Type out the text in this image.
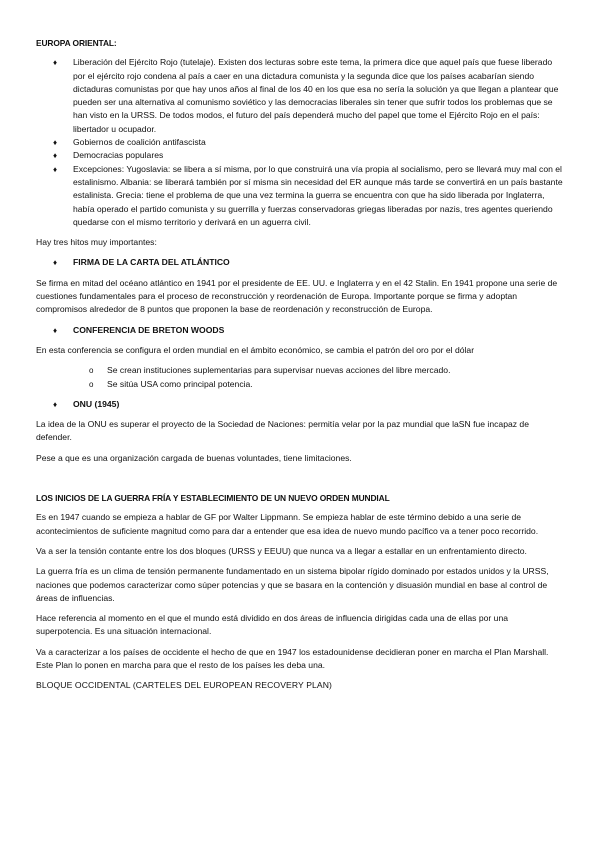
EUROPA ORIENTAL:
♦ Liberación del Ejército Rojo (tutelaje). Existen dos lecturas sobre este tema, la primera dice que aquel país que fuese liberado por el ejército rojo condena al país a caer en una dictadura comunista y la segunda dice que los países acabarían siendo dictaduras comunistas por que hay unos años al final de los 40 en los que esa no sería la solución ya que llegan a plantear que pueden ser una alternativa al comunismo soviético y las democracias liberales sin tener que sufrir todos los problemas que se han visto en la URSS. De todos modos, el futuro del país dependerá mucho del papel que tome el Ejército Rojo en el país: libertador u ocupador.
♦ Gobiernos de coalición antifascista
♦ Democracias populares
♦ Excepciones: Yugoslavia: se libera a sí misma, por lo que construirá una vía propia al socialismo, pero se llevará muy mal con el estalinismo. Albania: se liberará también por sí misma sin necesidad del ER aunque más tarde se convertirá en un país bastante estalinista. Grecia: tiene el problema de que una vez termina la guerra se encuentra con que ha sido liberada por Inglaterra, había operado el partido comunista y su guerrilla y fuerzas conservadoras griegas liberadas por nazis, tres agentes queriendo quedarse con el mismo territorio y derivará en un aguerra civil.

Hay tres hitos muy importantes:

♦ FIRMA DE LA CARTA DEL ATLÁNTICO

Se firma en mitad del océano atlántico en 1941 por el presidente de EE. UU. e Inglaterra y en el 42 Stalin. En 1941 propone una serie de cuestiones fundamentales para el proceso de reconstrucción y reordenación de Europa. Importante porque se firma y adoptan compromisos alrededor de 8 puntos que proponen la base de reordenación y reconstrucción de Europa.

♦ CONFERENCIA DE BRETON WOODS

En esta conferencia se configura el orden mundial en el ámbito económico, se cambia el patrón del oro por el dólar

o Se crean instituciones suplementarias para supervisar nuevas acciones del libre mercado.
o Se sitúa USA como principal potencia.
♦ ONU (1945)

La idea de la ONU es superar el proyecto de la Sociedad de Naciones: permitía velar por la paz mundial que laSN fue incapaz de defender.

Pese a que es una organización cargada de buenas voluntades, tiene limitaciones.

LOS INICIOS DE LA GUERRA FRÍA Y ESTABLECIMIENTO DE UN NUEVO ORDEN MUNDIAL

Es en 1947 cuando se empieza a hablar de GF por Walter Lippmann. Se empieza hablar de este término debido a una serie de acontecimientos de suficiente magnitud como para dar a entender que esa idea de nuevo mundo pacífico va a tener poco recorrido.

Va a ser la tensión contante entre los dos bloques (URSS y EEUU) que nunca va a llegar a estallar en un enfrentamiento directo.

La guerra fría es un clima de tensión permanente fundamentado en un sistema bipolar rígido dominado por estados unidos y la URSS, naciones que podemos caracterizar como súper potencias y que se basara en la contención y disuasión mundial en base al control de áreas de influencias.

Hace referencia al momento en el que el mundo está dividido en dos áreas de influencia dirigidas cada una de ellas por una superpotencia. Es una situación internacional.

Va a caracterizar a los países de occidente el hecho de que en 1947 los estadounidense decidieran poner en marcha el Plan Marshall. Este Plan lo ponen en marcha para que el resto de los países les deba una.

BLOQUE OCCIDENTAL (CARTELES DEL EUROPEAN RECOVERY PLAN)
